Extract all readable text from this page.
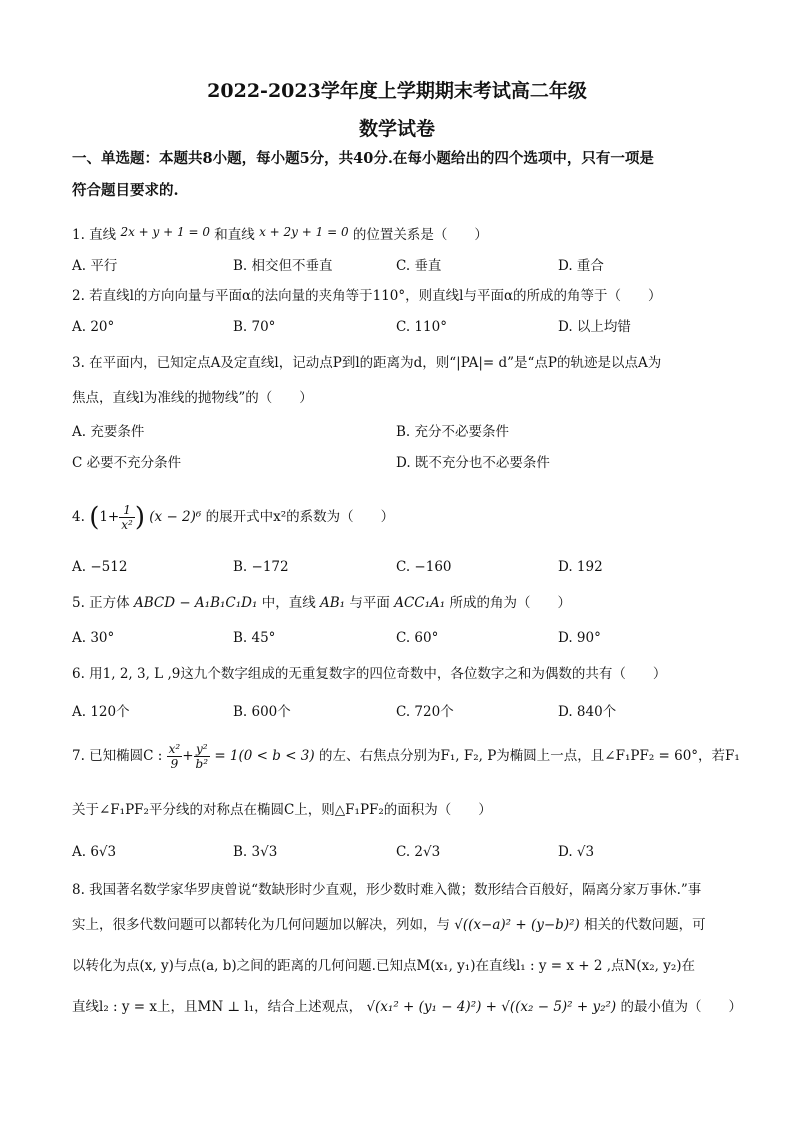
2022-2023学年度上学期期末考试高二年级
数学试卷
一、单选题：本题共8小题，每小题5分，共40分.在每小题给出的四个选项中，只有一项是
符合题目要求的.
1. 直线 2x + y + 1 = 0 和直线 x + 2y + 1 = 0 的位置关系是（　　）
A. 平行	B. 相交但不垂直	C. 垂直	D. 重合
2. 若直线l的方向向量与平面α的法向量的夹角等于110°，则直线l与平面α的所成的角等于（　　）
A. 20°	B. 70°	C. 110°	D. 以上均错
3. 在平面内，已知定点A及定直线l，记动点P到l的距离为d，则“|PA|= d”是“点P的轨迹是以点A为
焦点，直线l为准线的抛物线”的（　　）
A. 充要条件	B. 充分不必要条件
C 必要不充分条件	D. 既不充分也不必要条件
4. ($1+ \frac{1}{\text{x²}}$ ) (x − 2)⁶ 的展开式中x²的系数为（　　）
A. −512	B. −172	C. −160	D. 192
5. 正方体 ABCD − A₁B₁C₁D₁ 中，直线 AB₁ 与平面 ACC₁A₁ 所成的角为（　　）
A. 30°	B. 45°	C. 60°	D. 90°
6. 用1, 2, 3, L ,9这九个数字组成的无重复数字的四位奇数中，各位数字之和为偶数的共有（　　）
A. 120个	B. 600个	C. 720个	D. 840个
7. 已知椭圆C : $\frac{\text{x²}}{9} + \frac{\text{y²}}{\text{b²}} = 1(0 < b < 3)$ 的左、右焦点分别为F₁, F₂, P为椭圆上一点，且∠F₁PF₂ = 60°，若F₁
关于∠F₁PF₂平分线的对称点在椭圆C上，则△F₁PF₂的面积为（　　）
A. 6√3	B. 3√3	C. 2√3	D. √3
8. 我国著名数学家华罗庚曾说“数缺形时少直观，形少数时难入微；数形结合百般好，隔离分家万事休.”事
实上，很多代数问题可以都转化为几何问题加以解决，列如，与 √((x−a)² + (y−b)²) 相关的代数问题，可
以转化为点(x, y)与点(a, b)之间的距离的几何问题.已知点M(x₁, y₁)在直线l₁ : y = x + 2 ,点N(x₂, y₂)在
直线l₂ : y = x上，且MN ⊥ l₁，结合上述观点， √(x₁² + (y₁ − 4)²) + √((x₂ − 5)² + y₂²) 的最小值为（　　）
